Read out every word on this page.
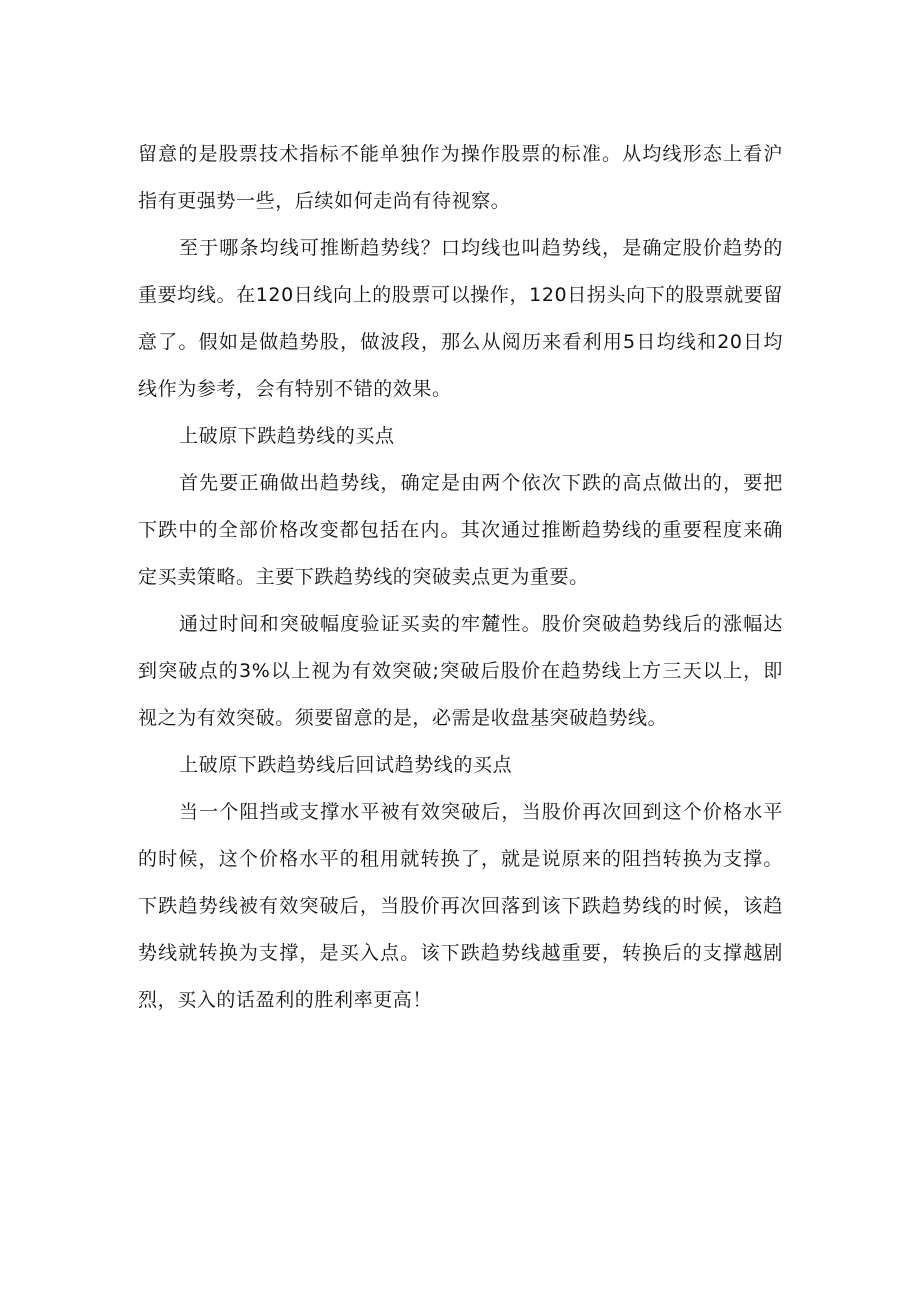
留意的是股票技术指标不能单独作为操作股票的标准。从均线形态上看沪指有更强势一些，后续如何走尚有待视察。

至于哪条均线可推断趋势线？口均线也叫趋势线，是确定股价趋势的重要均线。在120日线向上的股票可以操作，120日拐头向下的股票就要留意了。假如是做趋势股，做波段，那么从阅历来看利用5日均线和20日均线作为参考，会有特别不错的效果。

上破原下跌趋势线的买点

首先要正确做出趋势线，确定是由两个依次下跌的高点做出的，要把下跌中的全部价格改变都包括在内。其次通过推断趋势线的重要程度来确定买卖策略。主要下跌趋势线的突破卖点更为重要。

通过时间和突破幅度验证买卖的牢麓性。股价突破趋势线后的涨幅达到突破点的3%以上视为有效突破;突破后股价在趋势线上方三天以上，即视之为有效突破。须要留意的是，必需是收盘基突破趋势线。

上破原下跌趋势线后回试趋势线的买点

当一个阻挡或支撑水平被有效突破后，当股价再次回到这个价格水平的时候，这个价格水平的租用就转换了，就是说原来的阻挡转换为支撑。下跌趋势线被有效突破后，当股价再次回落到该下跌趋势线的时候，该趋势线就转换为支撑，是买入点。该下跌趋势线越重要，转换后的支撑越剧烈，买入的话盈利的胜利率更高！
